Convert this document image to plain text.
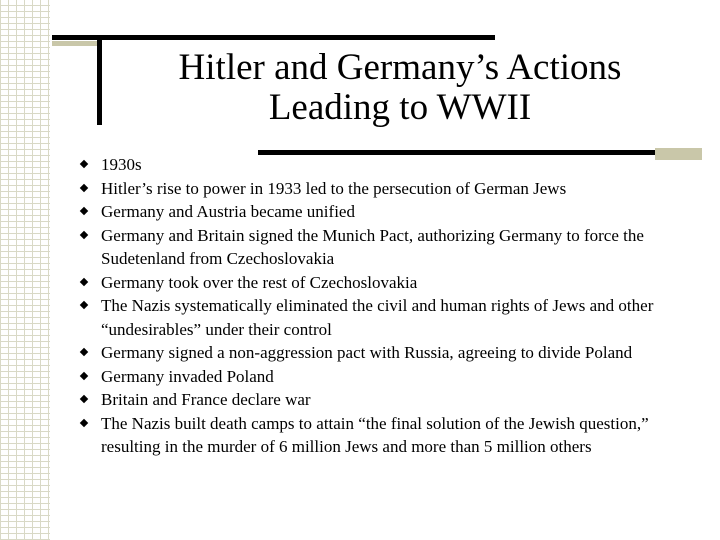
Hitler and Germany’s Actions
Leading to WWII
1930s
Hitler’s rise to power in 1933 led to the persecution of German Jews
Germany and Austria became unified
Germany and Britain signed the Munich Pact, authorizing Germany to force the Sudetenland from Czechoslovakia
Germany took over the rest of Czechoslovakia
The Nazis systematically eliminated the civil and human rights of Jews and other “undesirables” under their control
Germany signed a non-aggression pact with Russia, agreeing to divide Poland
Germany invaded Poland
Britain and France declare war
The Nazis built death camps to attain “the final solution of the Jewish question,” resulting in the murder of 6 million Jews and more than 5 million others
